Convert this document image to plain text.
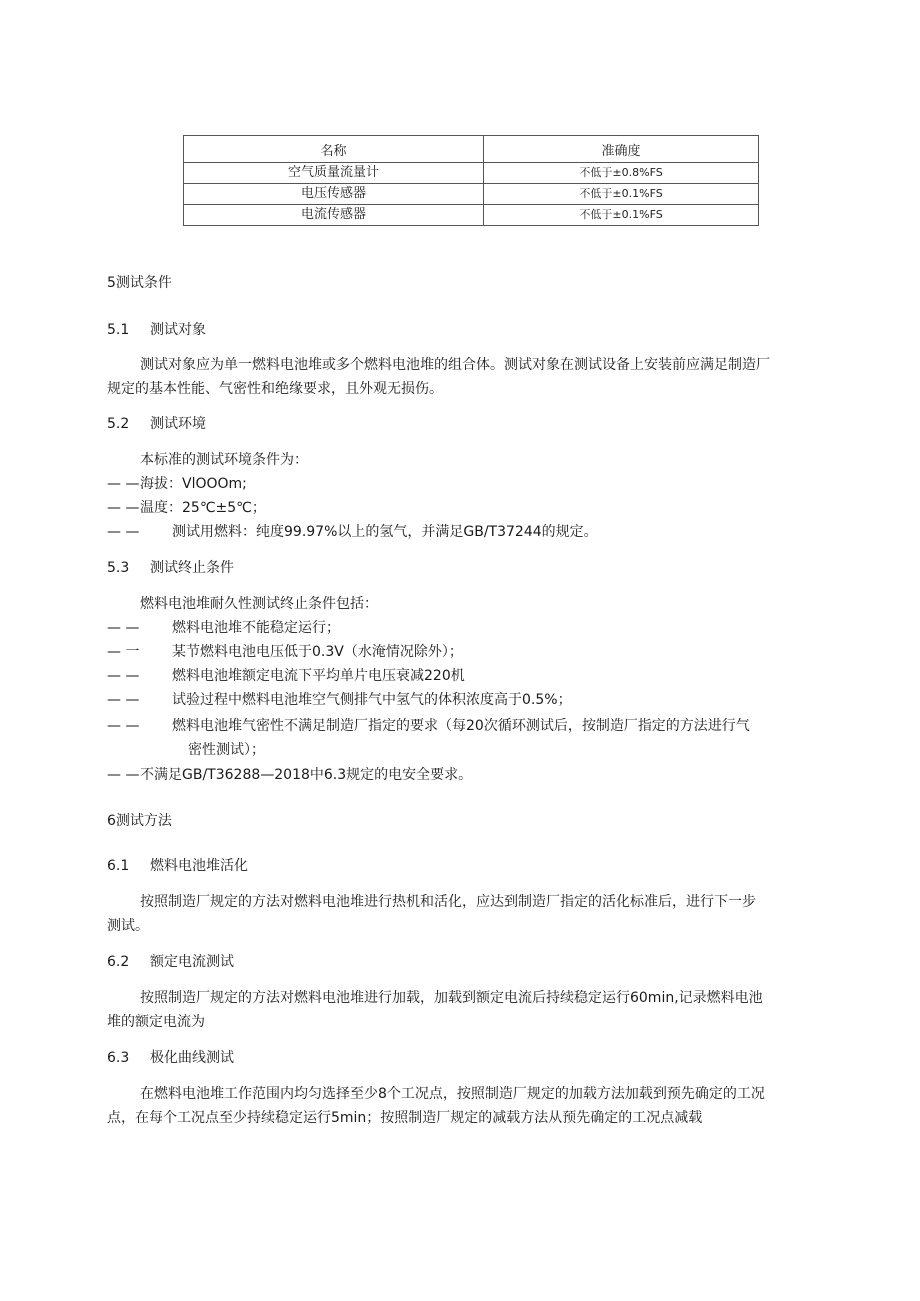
名称	准确度
空气质量流量计	不低于±0.8%FS
电压传感器	不低于±0.1%FS
电流传感器	不低于±0.1%FS
5测试条件
5.1 测试对象
测试对象应为单一燃料电池堆或多个燃料电池堆的组合体。测试对象在测试设备上安装前应满足制造厂
规定的基本性能、气密性和绝缘要求，且外观无损伤。
5.2 测试环境
本标准的测试环境条件为：
— — 海拔：VlOOOm;
— — 温度：25℃±5℃；
— — 测试用燃料：纯度99.97%以上的氢气，并满足GB/T37244的规定。
5.3 测试终止条件
燃料电池堆耐久性测试终止条件包括：
— — 燃料电池堆不能稳定运行；
— 一 某节燃料电池电压低于0.3V（水淹情况除外）；
— — 燃料电池堆额定电流下平均单片电压衰减220机
— — 试验过程中燃料电池堆空气侧排气中氢气的体积浓度高于0.5%；
— — 燃料电池堆气密性不满足制造厂指定的要求（每20次循环测试后，按制造厂指定的方法进行气
密性测试）；
— — 不满足GB/T36288—2018中6.3规定的电安全要求。
6测试方法
6.1 燃料电池堆活化
按照制造厂规定的方法对燃料电池堆进行热机和活化，应达到制造厂指定的活化标准后，进行下一步
测试。
6.2 额定电流测试
按照制造厂规定的方法对燃料电池堆进行加载，加载到额定电流后持续稳定运行60min,记录燃料电池
堆的额定电流为
6.3 极化曲线测试
在燃料电池堆工作范围内均匀选择至少8个工况点，按照制造厂规定的加载方法加载到预先确定的工况
点，在每个工况点至少持续稳定运行5min；按照制造厂规定的减载方法从预先确定的工况点减载
